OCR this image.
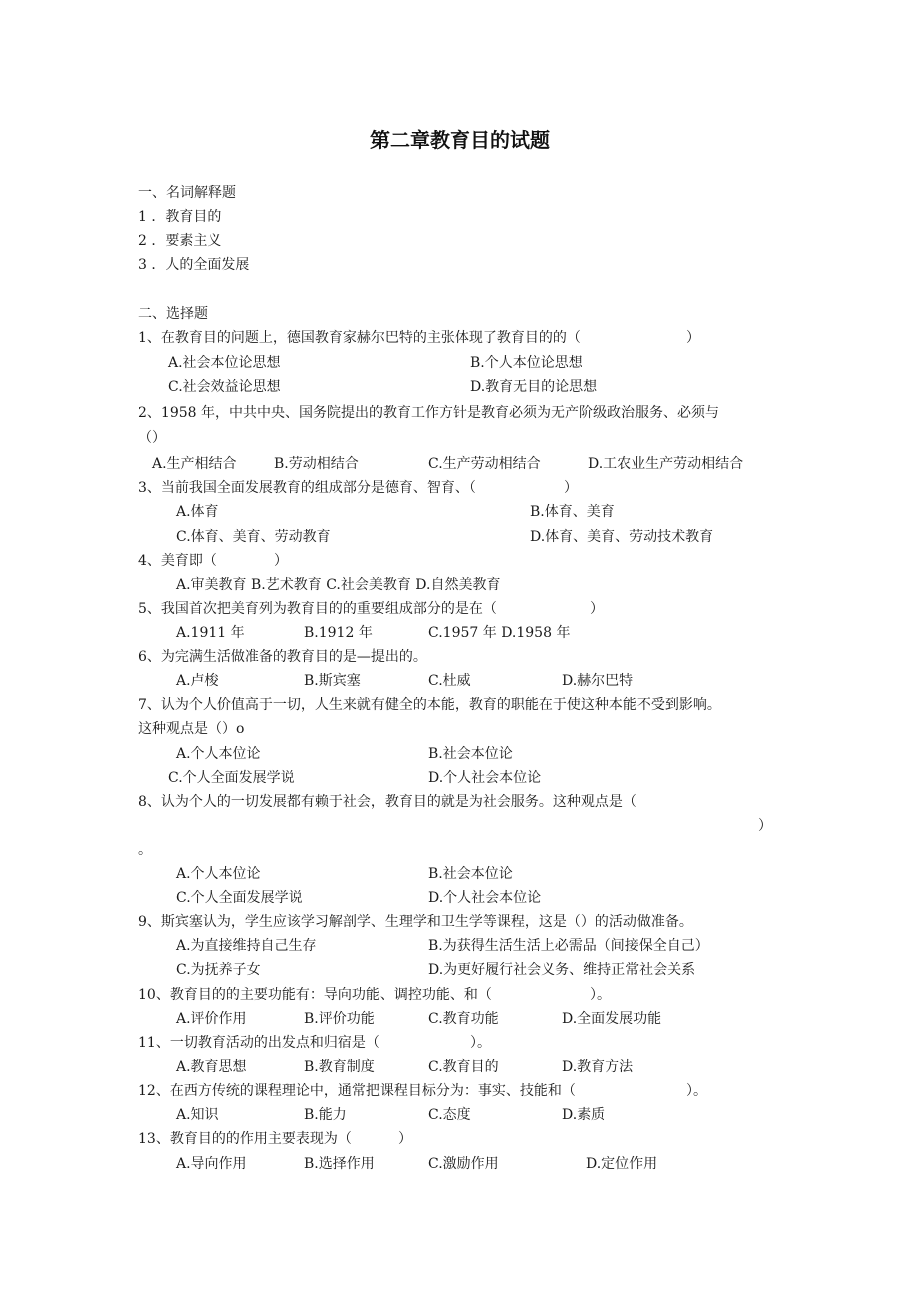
第二章教育目的试题
一、名词解释题
1 ．教育目的
2 ．要素主义
3 ．人的全面发展
二、选择题
1、在教育目的问题上，德国教育家赫尔巴特的主张体现了教育目的的（	）
A.社会本位论思想	B.个人本位论思想
C.社会效益论思想	D.教育无目的论思想
2、1958 年，中共中央、国务院提出的教育工作方针是教育必须为无产阶级政治服务、必须与
（）
A.生产相结合	B.劳动相结合	C.生产劳动相结合	D.工农业生产劳动相结合
3、当前我国全面发展教育的组成部分是德育、智育、（	）
A.体育	B.体育、美育
C.体育、美育、劳动教育	D.体育、美育、劳动技术教育
4、美育即（	）
A.审美教育 B.艺术教育 C.社会美教育 D.自然美教育
5、我国首次把美育列为教育目的的重要组成部分的是在（	）
A.1911 年	B.1912 年	C.1957 年 D.1958 年
6、为完满生活做准备的教育目的是—提出的。
A.卢梭	B.斯宾塞	C.杜威	D.赫尔巴特
7、认为个人价值高于一切，人生来就有健全的本能，教育的职能在于使这种本能不受到影响。
这种观点是（）o
A.个人本位论	B.社会本位论
C.个人全面发展学说	D.个人社会本位论
8、认为个人的一切发展都有赖于社会，教育目的就是为社会服务。这种观点是（
）
。
A.个人本位论	B.社会本位论
C.个人全面发展学说	D.个人社会本位论
9、斯宾塞认为，学生应该学习解剖学、生理学和卫生学等课程，这是（）的活动做准备。
A.为直接维持自己生存	B.为获得生活生活上必需品（间接保全自己）
C.为抚养子女	D.为更好履行社会义务、维持正常社会关系
10、教育目的的主要功能有：导向功能、调控功能、和（	）。
A.评价作用	B.评价功能	C.教育功能	D.全面发展功能
11、一切教育活动的出发点和归宿是（	）。
A.教育思想	B.教育制度	C.教育目的	D.教育方法
12、在西方传统的课程理论中，通常把课程目标分为：事实、技能和（	）。
A.知识	B.能力	C.态度	D.素质
13、教育目的的作用主要表现为（	）
A.导向作用	B.选择作用	C.激励作用	D.定位作用
